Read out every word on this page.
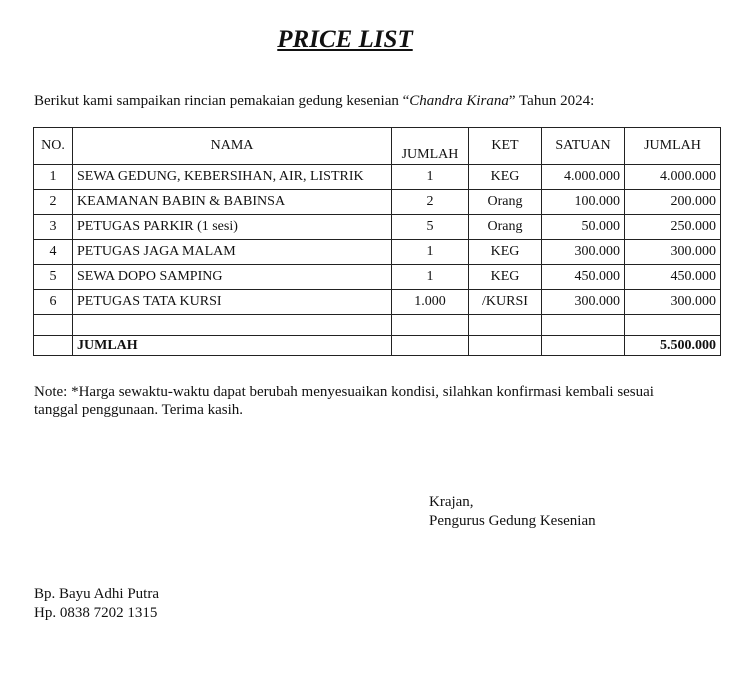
PRICE LIST
Berikut kami sampaikan rincian pemakaian gedung kesenian “Chandra Kirana” Tahun 2024:
NO.	NAMA	JUMLAH	KET	SATUAN	JUMLAH
1	SEWA GEDUNG, KEBERSIHAN, AIR, LISTRIK	1	KEG	4.000.000	4.000.000
2	KEAMANAN BABIN & BABINSA	2	Orang	100.000	200.000
3	PETUGAS PARKIR (1 sesi)	5	Orang	50.000	250.000
4	PETUGAS JAGA MALAM	1	KEG	300.000	300.000
5	SEWA DOPO SAMPING	1	KEG	450.000	450.000
6	PETUGAS TATA KURSI	1.000	/KURSI	300.000	300.000

	JUMLAH				5.500.000
Note: *Harga sewaktu-waktu dapat berubah menyesuaikan kondisi, silahkan konfirmasi kembali sesuai tanggal penggunaan. Terima kasih.
Krajan,
Pengurus Gedung Kesenian
Bp. Bayu Adhi Putra
Hp. 0838 7202 1315
